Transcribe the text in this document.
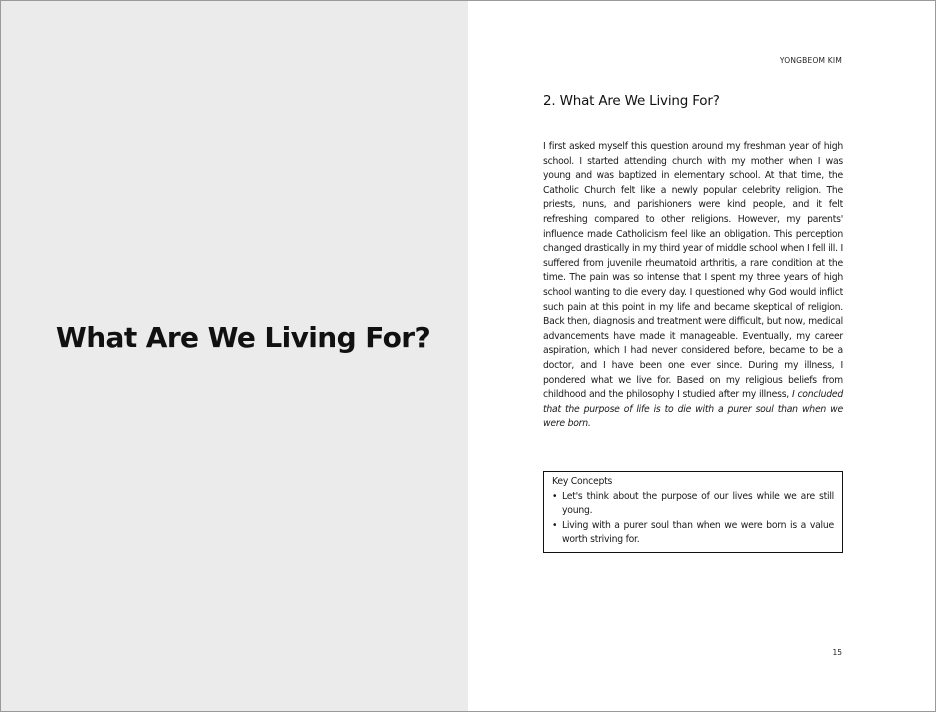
What Are We Living For?
YONGBEOM KIM
2. What Are We Living For?

I first asked myself this question around my freshman year of high school. I started attending church with my mother when I was young and was baptized in elementary school. At that time, the Catholic Church felt like a newly popular celebrity religion. The priests, nuns, and parishioners were kind people, and it felt refreshing compared to other religions. However, my parents' influence made Catholicism feel like an obligation. This perception changed drastically in my third year of middle school when I fell ill. I suffered from juvenile rheumatoid arthritis, a rare condition at the time. The pain was so intense that I spent my three years of high school wanting to die every day. I questioned why God would inflict such pain at this point in my life and became skeptical of religion. Back then, diagnosis and treatment were difficult, but now, medical advancements have made it manageable. Eventually, my career aspiration, which I had never considered before, became to be a doctor, and I have been one ever since. During my illness, I pondered what we live for. Based on my religious beliefs from childhood and the philosophy I studied after my illness, I concluded that the purpose of life is to die with a purer soul than when we were born.

Key Concepts
• Let's think about the purpose of our lives while we are still young.
• Living with a purer soul than when we were born is a value worth striving for.
15
